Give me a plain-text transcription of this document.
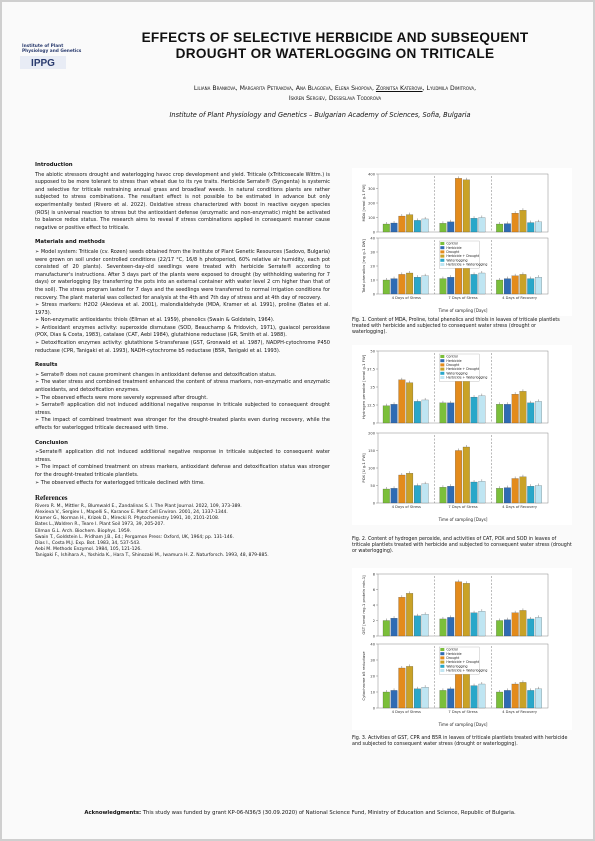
Institute of Plant
Physiology and Genetics
IPPG
EFFECTS OF SELECTIVE HERBICIDE AND SUBSEQUENT
DROUGHT OR WATERLOGGING ON TRITICALE
Liliana Brankova, Margarita Petrakova, Ana Blagoeva, Elena Shopova, Zornitsa Katerova, Lyudmila Dimitrova,
Iskren Sergiev, Dessislava Todorova
Institute of Plant Physiology and Genetics – Bulgarian Academy of Sciences, Sofia, Bulgaria
Introduction

The abiotic stressors drought and waterlogging havoc crop development and yield. Triticale (xTriticosecale Wittm.) is supposed to be more tolerant to stress than wheat due to its rye traits. Herbicide Serrate® (Syngenta) is systemic and selective for triticale restraining annual grass and broadleaf weeds. In natural conditions plants are rather subjected to stress combinations. The resultant effect is not possible to be estimated in advance but only experimentally tested (Rivero et al. 2022). Oxidative stress characterized with boost in reactive oxygen species (ROS) is universal reaction to stress but the antioxidant defense (enzymatic and non-enzymatic) might be activated to balance redox status. The research aims to reveal if stress combinations applied in consequent manner cause negative or positive effect to triticale.

Materials and methods

➢ Model system: Triticale (cv. Rozen) seeds obtained from the Institute of Plant Genetic Resources (Sadovo, Bulgaria) were grown on soil under controlled conditions (22/17 °C, 16/8 h photoperiod, 60% relative air humidity, each pot consisted of 20 plants). Seventeen-day-old seedlings were treated with herbicide Serrate® according to manufacturer's instructions. After 3 days part of the plants were exposed to drought (by withholding watering for 7 days) or waterlogging (by transferring the pots into an external container with water level 2 cm higher than that of the soil). The stress program lasted for 7 days and the seedlings were transferred to normal irrigation conditions for recovery. The plant material was collected for analysis at the 4th and 7th day of stress and at 4th day of recovery.

➢ Stress markers: H2O2 (Alexieva et al. 2001), malondialdehyde (MDA, Kramer et al. 1991), proline (Bates et al. 1973).

➢ Non-enzymatic antioxidants: thiols (Ellman et al. 1959), phenolics (Swain & Goldstein, 1964).

➢ Antioxidant enzymes activity: superoxide dismutase (SOD, Beauchamp & Fridovich, 1971), guaiacol peroxidase (POX, Dias & Costa, 1983), catalase (CAT, Aebi 1984), glutathione reductase (GR, Smith et al. 1988).

➢ Detoxification enzymes activity: glutathione S-transferase (GST, Gronwald et al. 1987), NADPH-cytochrome P450 reductase (CPR, Tanigaki et al. 1993), NADH-cytochrome b5 reductase (B5R, Tanigaki et al. 1993).

Results

➢ Serrate® does not cause prominent changes in antioxidant defense and detoxification status.

➢ The water stress and combined treatment enhanced the content of stress markers, non-enzymatic and enzymatic antioxidants, and detoxification enzymes.

➢ The observed effects were more severely expressed after drought.

➢ Serrate® application did not induced additional negative response in triticale subjected to consequent drought stress.

➢ The impact of combined treatment was stronger for the drought-treated plants even during recovery, while the effects for waterlogged triticale decreased with time.

Conclusion

➢Serrate® application did not induced additional negative response in triticale subjected to consequent water stress.

➢ The impact of combined treatment on stress markers, antioxidant defense and detoxification status was stronger for the drought-treated triticale plantlets.

➢ The observed effects for waterlogged triticale declined with time.

References

Rivero R. M., Mittler R., Blumwald E., Zandalinas S. I. The Plant Journal. 2022, 109, 373-389.

Alexieva V., Sergiev I., Mapelli S., Karanov E. Plant Cell Environ. 2001, 24, 1337-1344.

Kramer G., Norman H., Krizek D., Mirecki R. Phytochemistry 1991, 30, 2101-2108.

Bates L.,Waldren R., Teare I. Plant Soil 1973, 39, 205-207.

Ellman G.L. Arch. Biochem. Biophys. 1959.

Swain T., Goldstein L. Pridham J.B., Ed.; Pergamon Press: Oxford, UK, 1964; pp. 131-146.

Dias I., Costa M.J. Exp. Bot. 1983, 34, 537-543.

Aebi M. Methods Enzymol. 1984, 105, 121-126.

Tanigaki F., Ishihara A., Yoshida K., Hara T., Shinozaki M., Iwamura H. Z. Naturforsch. 1993, 48, 879-885.

0
100
200
300
400
MDA [nmol g-1 FW]
0
10
20
30
40
Total phenolics [mg g-1 DW]
4 Days of Stress	7 Days of Stress	4 Days of Recovery
Control
Herbicide
Drought
Herbicide + Drought
Waterlogging
Herbicide + Waterlogging
Time of sampling [Days]
Fig. 1. Content of MDA, Proline, total phenolics and thiols in leaves of triticale plantlets treated with herbicide and subjected to consequent water stress (drought or waterlogging).
0
12.5
25
37.5
50
Hydrogen peroxide [nmol g-1 FW]	Control
Herbicide
Drought
Herbicide + Drought
Waterlogging
Herbicide + Waterlogging
0
50
100
150
200
POX [U g-1 FW]
4 Days of Stress	7 Days of Stress	4 Days of Recovery
Time of sampling [Days]
Fig. 2. Content of hydrogen peroxide, and activities of CAT, POX and SOD in leaves of triticale plantlets treated with herbicide and subjected to consequent water stress (drought or waterlogging).
0
2
4
6
8
GST [nmol mg-1 protein min-1]
0
10
20
30
40
Cytochrome b5 reductase
4 Days of Stress	7 Days of Stress	4 Days of Recovery
Control
Herbicide
Drought
Herbicide + Drought
Waterlogging
Herbicide + Waterlogging
Time of sampling [Days]
Fig. 3. Activities of GST, CPR and B5R in leaves of triticale plantlets treated with herbicide and subjected to consequent water stress (drought or waterlogging).
Acknowledgments: This study was funded by grant KP-06-N36/3 (30.09.2020) of National Science Fund, Ministry of Education and Science, Republic of Bulgaria.
